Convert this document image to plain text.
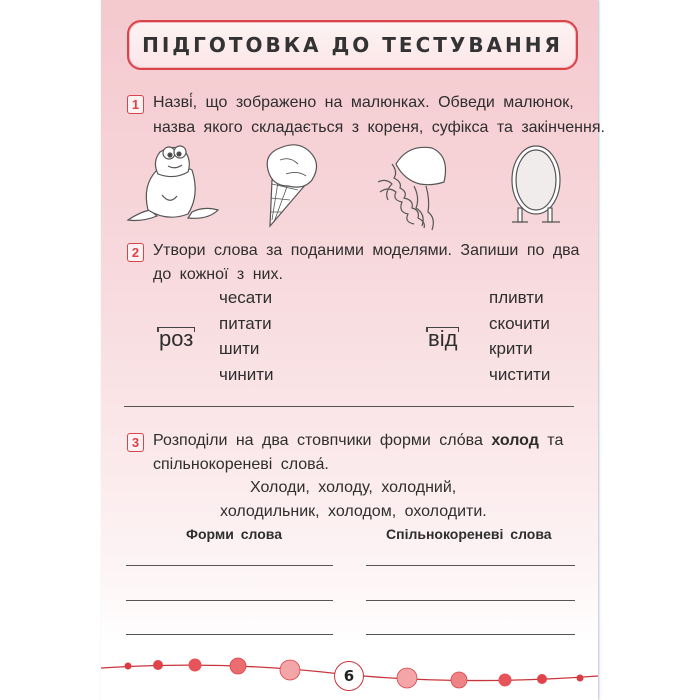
ПІДГОТОВКА ДО ТЕСТУВАННЯ
1 Назві́, що зображено на малюнках. Обведи малюнок,
назва якого складається з кореня, суфікса та закінчення.
2 Утвори слова за поданими моделями. Запиши по два
до кожної з них.
роз
чесати
питати
шити
чинити
від
пливти
скочити
крити
чистити
3 Розподіли на два стовпчики форми сло́ва холод та
спільнокореневі слова́.
Холоди, холоду, холодний,
холодильник, холодом, охолодити.
Форми слова	Спільнокореневі слова
6
